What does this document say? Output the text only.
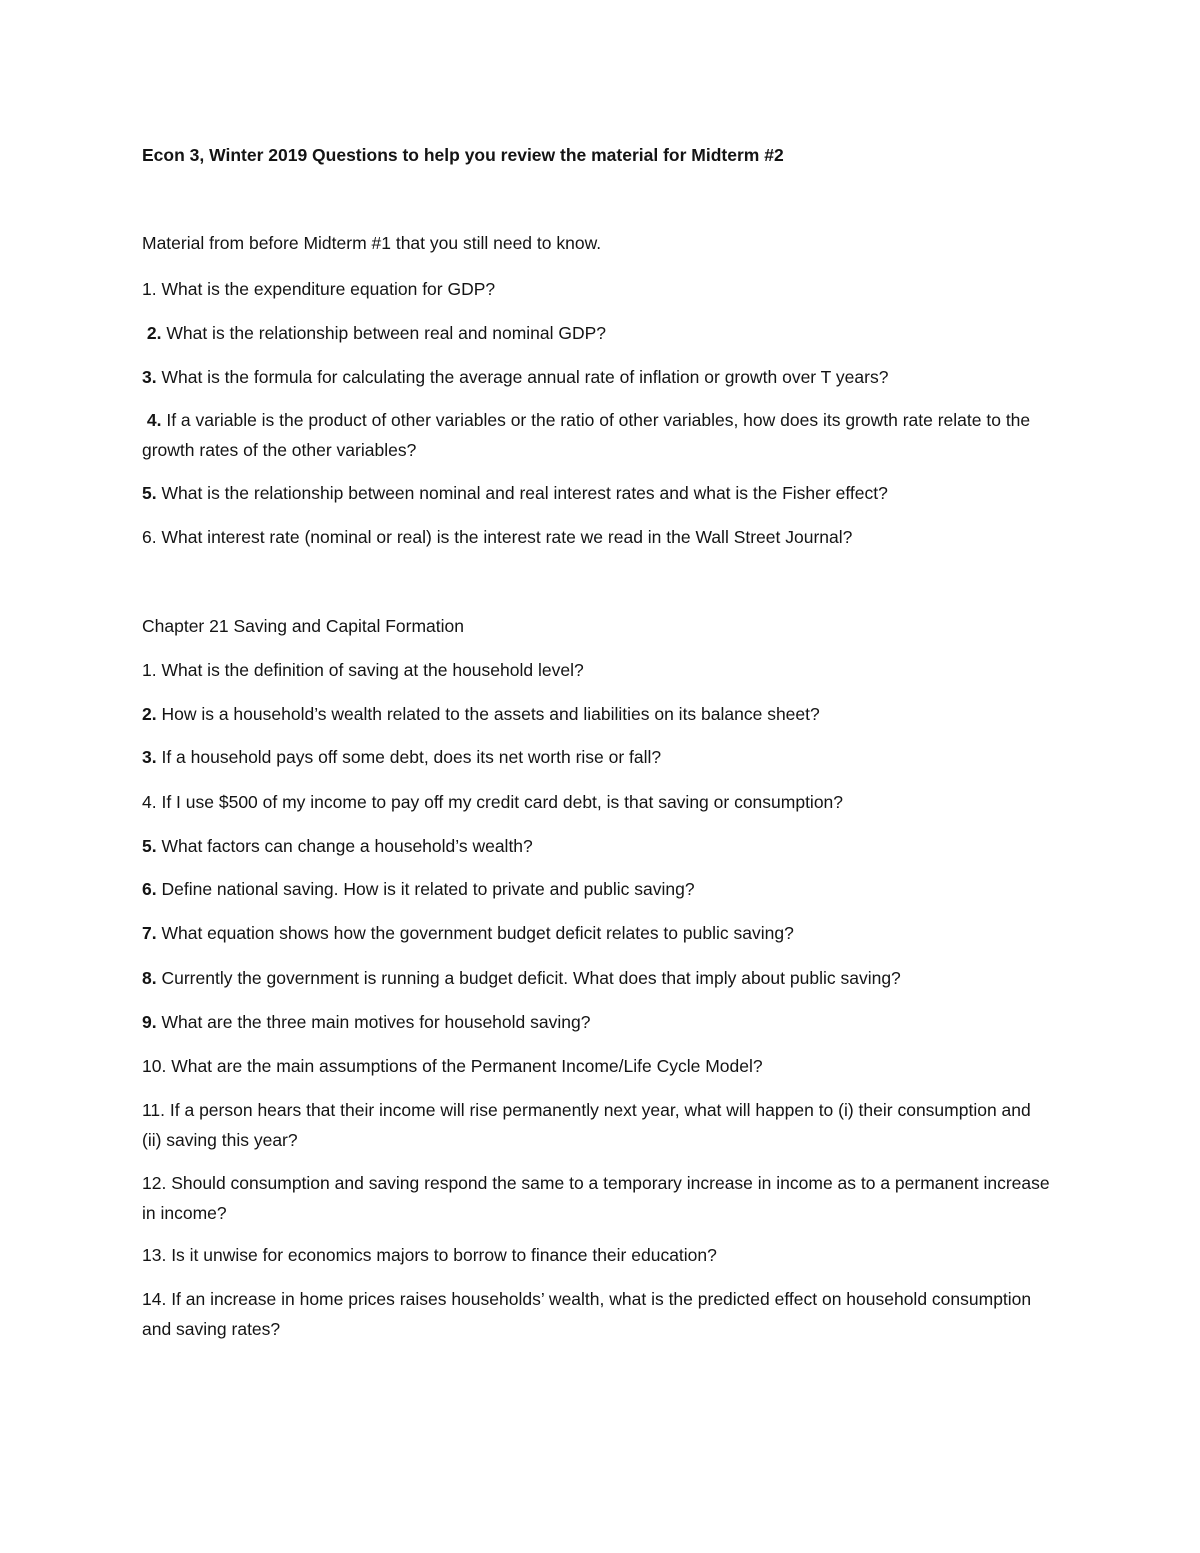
Econ 3, Winter 2019 Questions to help you review the material for Midterm #2

Material from before Midterm #1 that you still need to know.

1. What is the expenditure equation for GDP?

2. What is the relationship between real and nominal GDP?

3. What is the formula for calculating the average annual rate of inflation or growth over T years?

4. If a variable is the product of other variables or the ratio of other variables, how does its growth rate relate to the growth rates of the other variables?

5. What is the relationship between nominal and real interest rates and what is the Fisher effect?

6. What interest rate (nominal or real) is the interest rate we read in the Wall Street Journal?

Chapter 21 Saving and Capital Formation

1. What is the definition of saving at the household level?

2. How is a household’s wealth related to the assets and liabilities on its balance sheet?

3. If a household pays off some debt, does its net worth rise or fall?

4. If I use $500 of my income to pay off my credit card debt, is that saving or consumption?

5. What factors can change a household’s wealth?

6. Define national saving. How is it related to private and public saving?

7. What equation shows how the government budget deficit relates to public saving?

8. Currently the government is running a budget deficit. What does that imply about public saving?

9. What are the three main motives for household saving?

10. What are the main assumptions of the Permanent Income/Life Cycle Model?

11. If a person hears that their income will rise permanently next year, what will happen to (i) their consumption and (ii) saving this year?

12. Should consumption and saving respond the same to a temporary increase in income as to a permanent increase in income?

13. Is it unwise for economics majors to borrow to finance their education?

14. If an increase in home prices raises households’ wealth, what is the predicted effect on household consumption and saving rates?
